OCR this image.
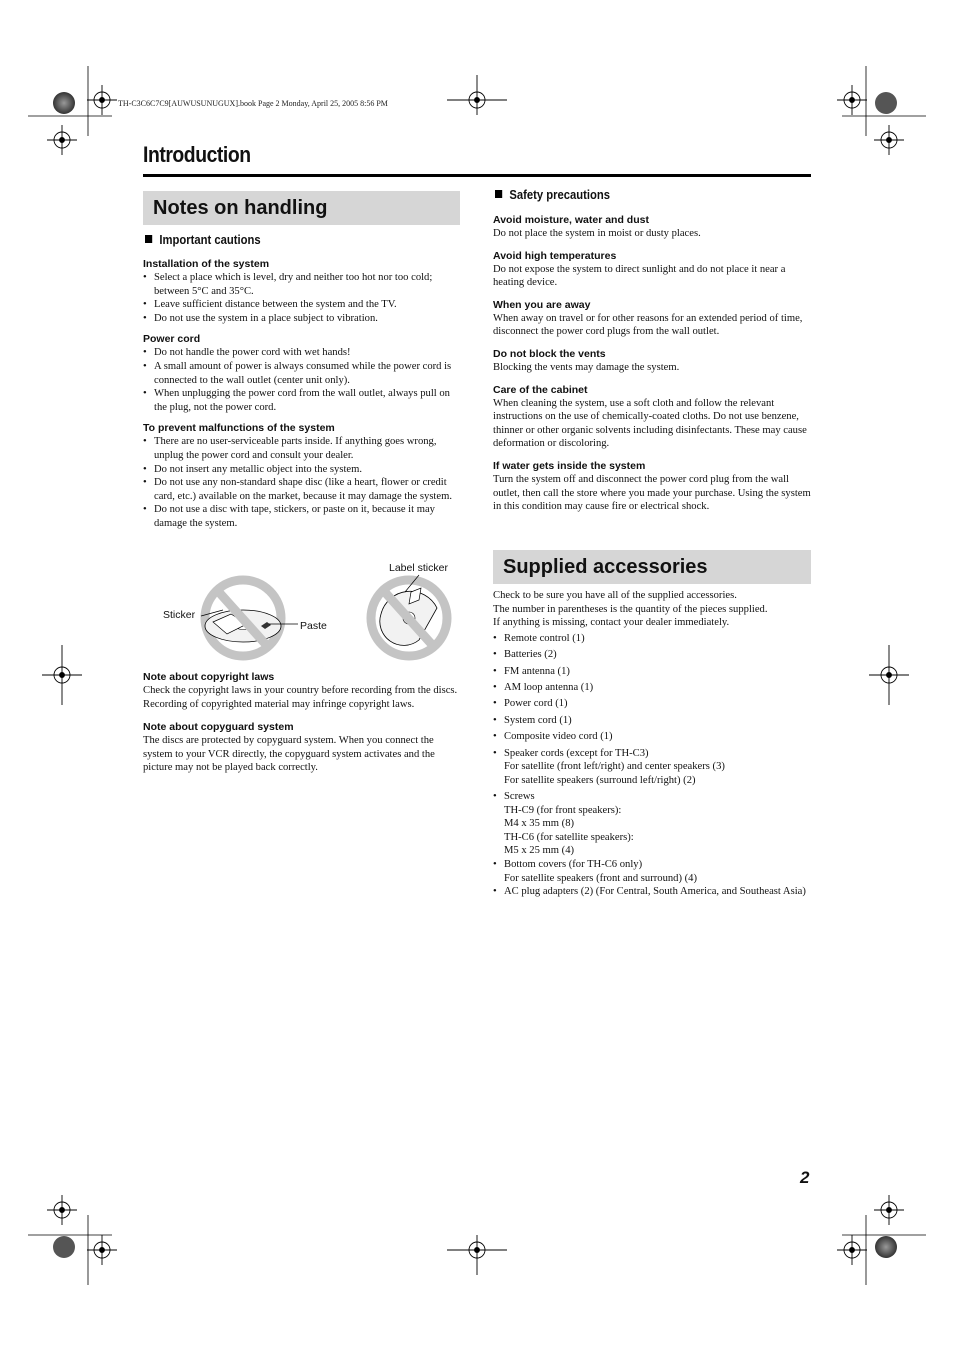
TH-C3C6C7C9[AUWUSUNUGUX].book Page 2 Monday, April 25, 2005 8:56 PM
Introduction
Notes on handling
Important cautions
Installation of the system
• Select a place which is level, dry and neither too hot nor too cold; between 5°C and 35°C.
• Leave sufficient distance between the system and the TV.
• Do not use the system in a place subject to vibration.
Power cord
• Do not handle the power cord with wet hands!
• A small amount of power is always consumed while the power cord is connected to the wall outlet (center unit only).
• When unplugging the power cord from the wall outlet, always pull on the plug, not the power cord.
To prevent malfunctions of the system
• There are no user-serviceable parts inside. If anything goes wrong, unplug the power cord and consult your dealer.
• Do not insert any metallic object into the system.
• Do not use any non-standard shape disc (like a heart, flower or credit card, etc.) available on the market, because it may damage the system.
• Do not use a disc with tape, stickers, or paste on it, because it may damage the system.
Label sticker
Sticker
Paste
Note about copyright laws

Check the copyright laws in your country before recording from the discs. Recording of copyrighted material may infringe copyright laws.

Note about copyguard system

The discs are protected by copyguard system. When you connect the system to your VCR directly, the copyguard system activates and the picture may not be played back correctly.

Safety precautions
Avoid moisture, water and dust

Do not place the system in moist or dusty places.

Avoid high temperatures

Do not expose the system to direct sunlight and do not place it near a heating device.

When you are away

When away on travel or for other reasons for an extended period of time, disconnect the power cord plugs from the wall outlet.

Do not block the vents

Blocking the vents may damage the system.

Care of the cabinet

When cleaning the system, use a soft cloth and follow the relevant instructions on the use of chemically-coated cloths. Do not use benzene, thinner or other organic solvents including disinfectants. These may cause deformation or discoloring.

If water gets inside the system

Turn the system off and disconnect the power cord plug from the wall outlet, then call the store where you made your purchase. Using the system in this condition may cause fire or electrical shock.

Supplied accessories

Check to be sure you have all of the supplied accessories.

The number in parentheses is the quantity of the pieces supplied.

If anything is missing, contact your dealer immediately.

• Remote control (1)
• Batteries (2)
• FM antenna (1)
• AM loop antenna (1)
• Power cord (1)
• System cord (1)
• Composite video cord (1)
• Speaker cords (except for TH-C3)
For satellite (front left/right) and center speakers (3)
For satellite speakers (surround left/right) (2)
• Screws
TH-C9 (for front speakers):
M4 x 35 mm (8)
TH-C6 (for satellite speakers):
M5 x 25 mm (4)
• Bottom covers (for TH-C6 only)
For satellite speakers (front and surround) (4)
• AC plug adapters (2) (For Central, South America, and Southeast Asia)
2
